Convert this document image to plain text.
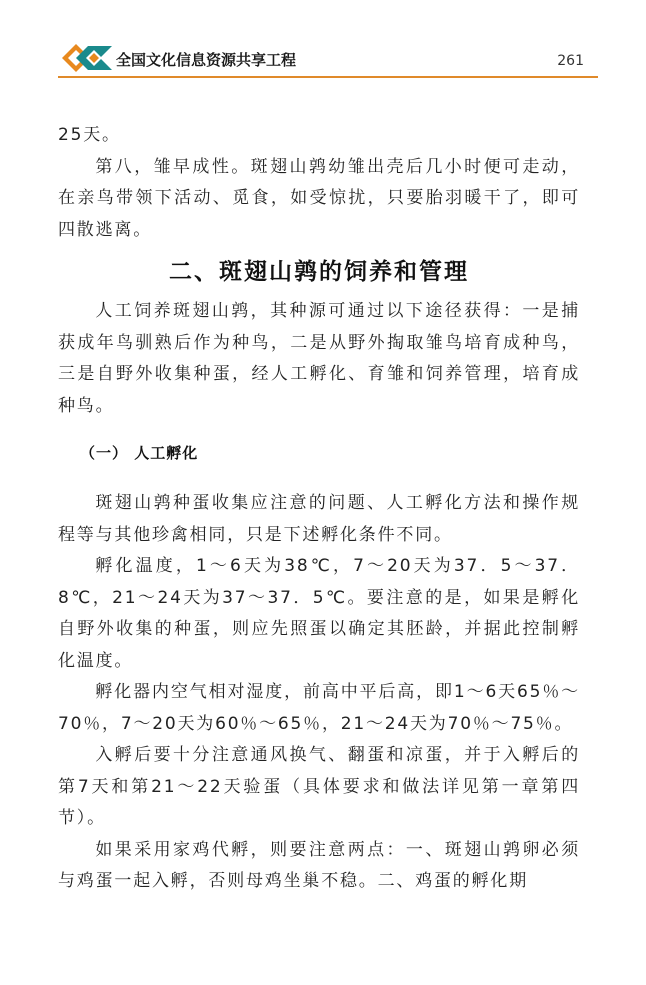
全国文化信息资源共享工程	261

25天。

第八，雏早成性。斑翅山鹑幼雏出壳后几小时便可走动，在亲鸟带领下活动、觅食，如受惊扰，只要胎羽暖干了，即可四散逃离。

二、斑翅山鹑的饲养和管理

人工饲养斑翅山鹑，其种源可通过以下途径获得：一是捕获成年鸟驯熟后作为种鸟，二是从野外掏取雏鸟培育成种鸟，三是自野外收集种蛋，经人工孵化、育雏和饲养管理，培育成种鸟。

（一） 人工孵化

斑翅山鹑种蛋收集应注意的问题、人工孵化方法和操作规程等与其他珍禽相同，只是下述孵化条件不同。

孵化温度，1～6天为38℃，7～20天为37．5～37．8℃，21～24天为37～37．5℃。要注意的是，如果是孵化自野外收集的种蛋，则应先照蛋以确定其胚龄，并据此控制孵化温度。

孵化器内空气相对湿度，前高中平后高，即1～6天65％～70％，7～20天为60％～65％，21～24天为70％～75％。

入孵后要十分注意通风换气、翻蛋和凉蛋，并于入孵后的第7天和第21～22天验蛋（具体要求和做法详见第一章第四节）。

如果采用家鸡代孵，则要注意两点：一、斑翅山鹑卵必须与鸡蛋一起入孵，否则母鸡坐巢不稳。二、鸡蛋的孵化期
